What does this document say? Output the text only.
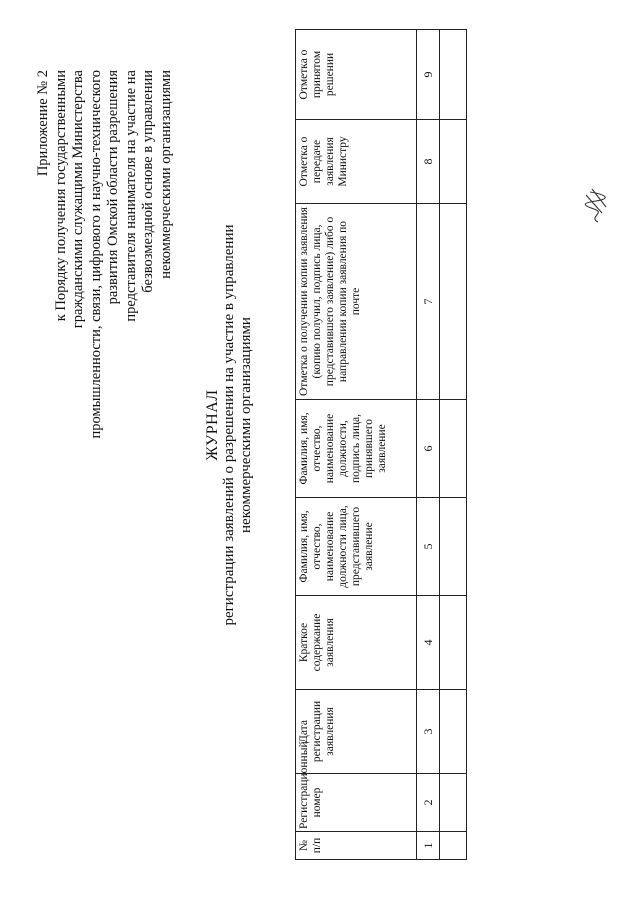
Приложение № 2 к Порядку получения государственными гражданскими служащими Министерства промышленности, связи, цифрового и научно-технического развития Омской области разрешения представителя нанимателя на участие на безвозмездной основе в управлении некоммерческими организациями
ЖУРНАЛ регистрации заявлений о разрешении на участие в управлении некоммерческими организациями
№ п/п	Регистрационный номер	Дата регистрации заявления	Краткое содержание заявления	Фамилия, имя, отчество, наименование должности лица, представившего заявление	Фамилия, имя, отчество, наименование должности, подпись лица, принявшего заявление	Отметка о получении копии заявления (копию получил, подпись лица, представившего заявление) либо о направлении копии заявления по почте	Отметка о передаче заявления Министру	Отметка о принятом решении
1	2	3	4	5	6	7	8	9
